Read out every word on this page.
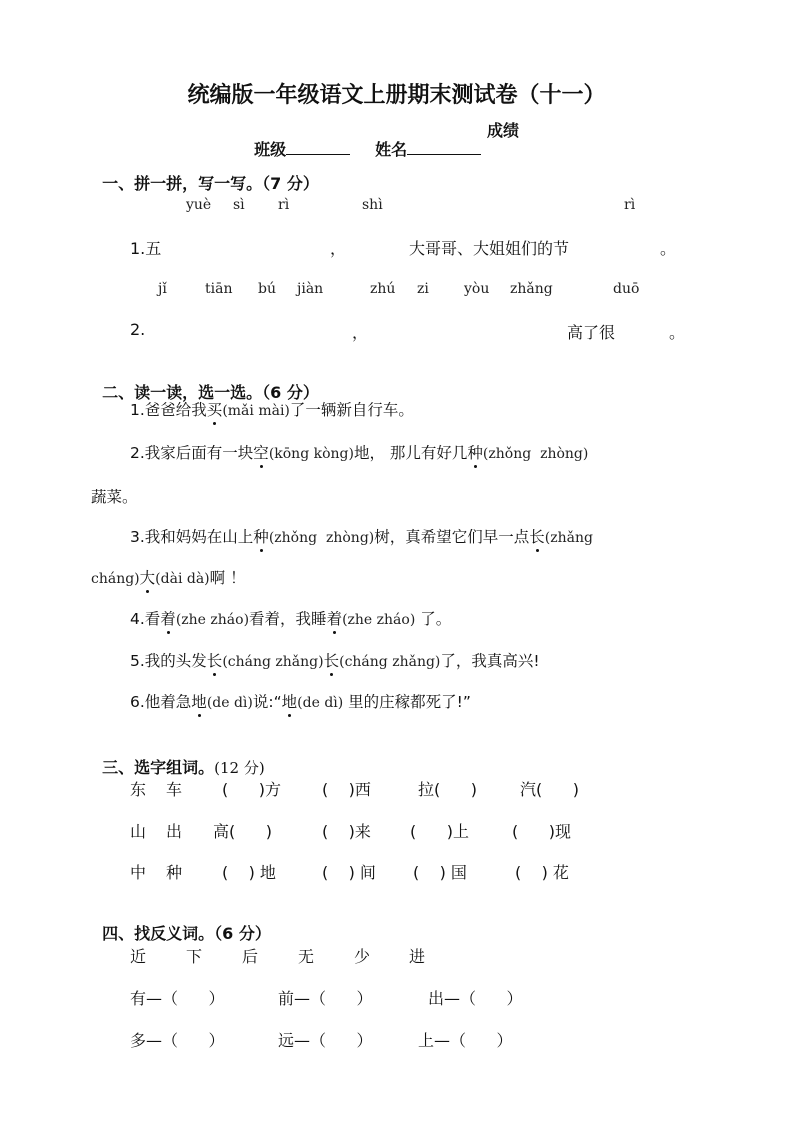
统编版一年级语文上册期末测试卷（十一）

班级	姓名

成绩

一、拼一拼，写一写。（7 分）

yuè sì rì	shì	rì
1.五	，	大哥哥、大姐姐们的节	。
jǐ	tiān bú jiàn	zhú zi	yòu zhǎng	duō
2.	，	高了很	。

二、读一读，选一选。（6 分）

1.爸爸给我买(mǎi mài)了一辆新自行车。
2.我家后面有一块空(kōng kòng)地， 那儿有好几种(zhǒng  zhòng)
蔬菜。
3.我和妈妈在山上种(zhǒng  zhòng)树，真希望它们早一点长(zhǎng
cháng)大(dài dà)啊 ！
4.看着(zhe zháo)看着，我睡着(zhe zháo) 了。
5.我的头发长(cháng zhǎng)长(cháng zhǎng)了，我真高兴!
6.他着急地(de dì)说:“地(de dì) 里的庄稼都死了!”

三、选字组词。(12 分)

东 车 (      )方	(    )西	拉(      )	汽(      )
山 出 高(      )	(    )来 (      )上	(      )现
中 种 (    ) 地	(    ) 间 (    ) 国	(    ) 花

四、找反义词。（6 分）

近 下 后 无 少 进
有—（      ）	前—（      ）	出—（      ）
多—（      ）	远—（      ）	上—（      ）
